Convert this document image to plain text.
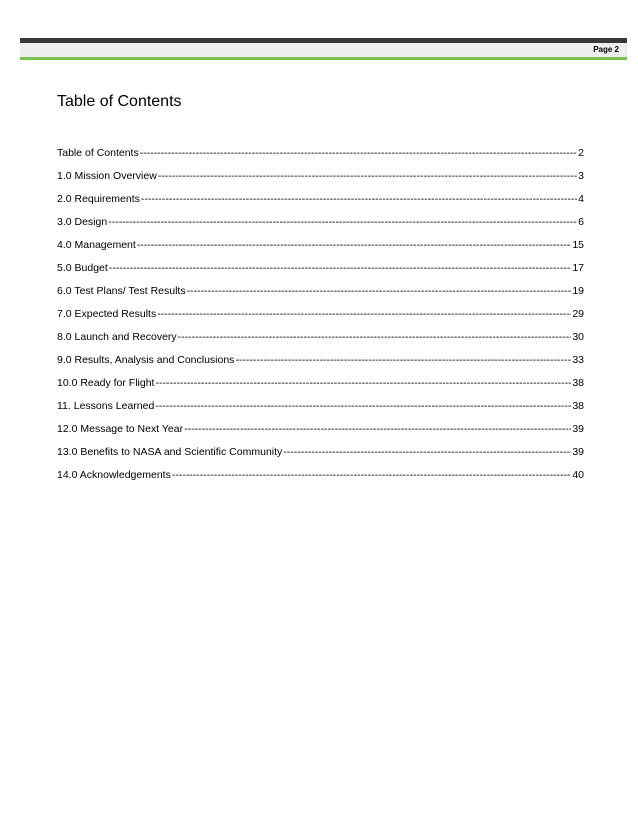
Page 2
Table of Contents
Table of Contents -----	2
1.0 Mission Overview -----	3
2.0 Requirements -----	4
3.0 Design -----	6
4.0 Management -----	15
5.0 Budget -----	17
6.0 Test Plans/ Test Results -----	19
7.0 Expected Results -----	29
8.0 Launch and Recovery -----	30
9.0 Results, Analysis and Conclusions -----	33
10.0 Ready for Flight -----	38
11. Lessons Learned -----	38
12.0 Message to Next Year -----	39
13.0 Benefits to NASA and Scientific Community -----	39
14.0 Acknowledgements -----	40
